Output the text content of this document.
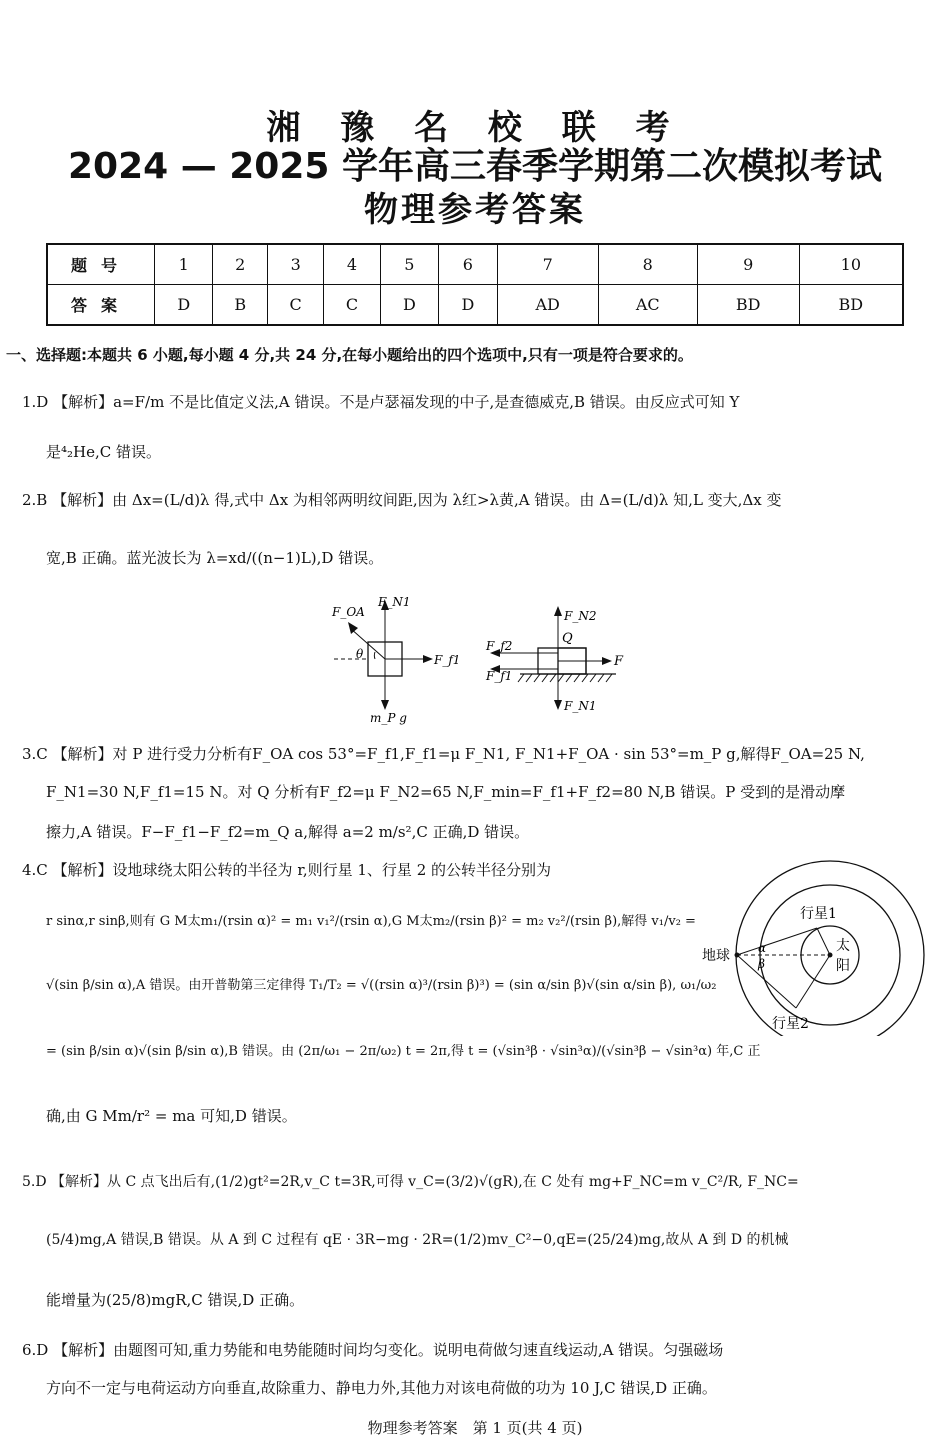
湘 豫 名 校 联 考
2024 — 2025 学年高三春季学期第二次模拟考试
物理参考答案
题号	1	2	3	4	5	6	7	8	9	10
答案	D	B	C	C	D	D	AD	AC	BD	BD
一、选择题:本题共 6 小题,每小题 4 分,共 24 分,在每小题给出的四个选项中,只有一项是符合要求的。
1.D 【解析】a=F/m 不是比值定义法,A 错误。不是卢瑟福发现的中子,是查德威克,B 错误。由反应式可知 Y
是⁴₂He,C 错误。
2.B 【解析】由 Δx=(L/d)λ 得,式中 Δx 为相邻两明纹间距,因为 λ红>λ黄,A 错误。由 Δ=(L/d)λ 知,L 变大,Δx 变
宽,B 正确。蓝光波长为 λ=xd/((n−1)L),D 错误。
F_OA
F_N1
F_f1
m_P g
θ
F_N2
Q
F_f2
F
F_f1
F_N1
3.C 【解析】对 P 进行受力分析有F_OA cos 53°=F_f1,F_f1=μ F_N1, F_N1+F_OA · sin 53°=m_P g,解得F_OA=25 N,
F_N1=30 N,F_f1=15 N。对 Q 分析有F_f2=μ F_N2=65 N,F_min=F_f1+F_f2=80 N,B 错误。P 受到的是滑动摩
擦力,A 错误。F−F_f1−F_f2=m_Q a,解得 a=2 m/s²,C 正确,D 错误。
4.C 【解析】设地球绕太阳公转的半径为 r,则行星 1、行星 2 的公转半径分别为
r sinα,r sinβ,则有 G M太m₁/(rsin α)² = m₁ v₁²/(rsin α),G M太m₂/(rsin β)² = m₂ v₂²/(rsin β),解得 v₁/v₂ =
√(sin β/sin α),A 错误。由开普勒第三定律得 T₁/T₂ = √((rsin α)³/(rsin β)³) = (sin α/sin β)√(sin α/sin β), ω₁/ω₂
= (sin β/sin α)√(sin β/sin α),B 错误。由 (2π/ω₁ − 2π/ω₂) t = 2π,得 t = (√sin³β · √sin³α)/(√sin³β − √sin³α) 年,C 正
确,由 G Mm/r² = ma 可知,D 错误。
地球
太
阳
行星1
行星2
α
β
5.D 【解析】从 C 点飞出后有,(1/2)gt²=2R,v_C t=3R,可得 v_C=(3/2)√(gR),在 C 处有 mg+F_NC=m v_C²/R, F_NC=
(5/4)mg,A 错误,B 错误。从 A 到 C 过程有 qE · 3R−mg · 2R=(1/2)mv_C²−0,qE=(25/24)mg,故从 A 到 D 的机械
能增量为(25/8)mgR,C 错误,D 正确。
6.D 【解析】由题图可知,重力势能和电势能随时间均匀变化。说明电荷做匀速直线运动,A 错误。匀强磁场
方向不一定与电荷运动方向垂直,故除重力、静电力外,其他力对该电荷做的功为 10 J,C 错误,D 正确。
物理参考答案　第 1 页(共 4 页)
